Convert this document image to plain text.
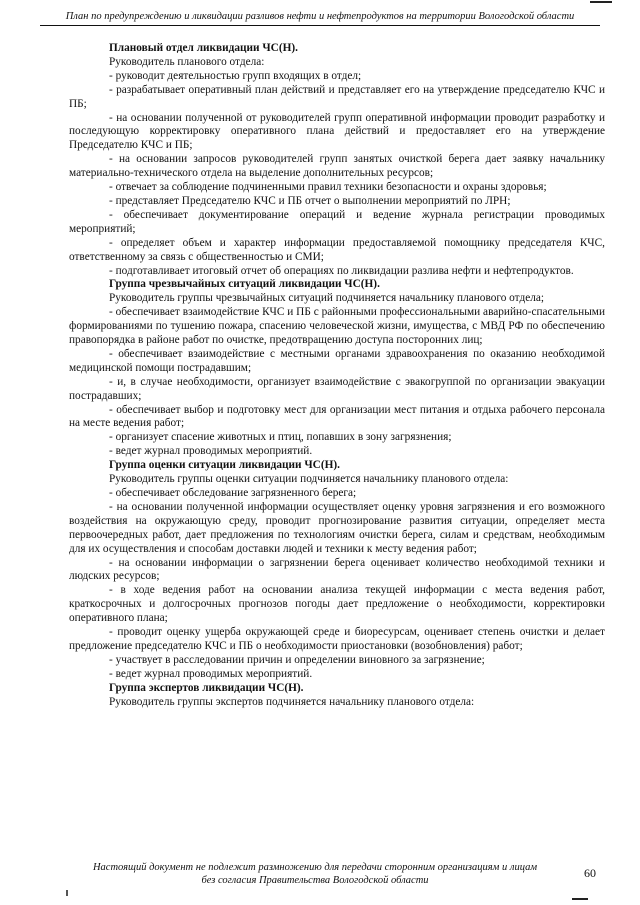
План по предупреждению и ликвидации разливов нефти и нефтепродуктов на территории Вологодской области

Плановый отдел ликвидации ЧС(Н).

Руководитель планового отдела:

- руководит деятельностью групп входящих в отдел;

- разрабатывает оперативный план действий и представляет его на утверждение председателю КЧС и ПБ;

- на основании полученной от руководителей групп оперативной информации проводит разработку и последующую корректировку оперативного плана действий и предоставляет его на утверждение Председателю КЧС и ПБ;

- на основании запросов руководителей групп занятых очисткой берега дает заявку начальнику материально-технического отдела на выделение дополнительных ресурсов;

- отвечает за соблюдение подчиненными правил техники безопасности и охраны здоровья;

- представляет Председателю КЧС и ПБ отчет о выполнении мероприятий по ЛРН;

- обеспечивает документирование операций и ведение журнала регистрации проводимых мероприятий;

- определяет объем и характер информации предоставляемой помощнику председателя КЧС, ответственному за связь с общественностью и СМИ;

- подготавливает итоговый отчет об операциях по ликвидации разлива нефти и нефтепродуктов.

Группа чрезвычайных ситуаций ликвидации ЧС(Н).

Руководитель группы чрезвычайных ситуаций подчиняется начальнику планового отдела;

- обеспечивает взаимодействие КЧС и ПБ с районными профессиональными аварийно-спасательными формированиями по тушению пожара, спасению человеческой жизни, имущества, с МВД РФ по обеспечению правопорядка в районе работ по очистке, предотвращению доступа посторонних лиц;

- обеспечивает взаимодействие с местными органами здравоохранения по оказанию необходимой медицинской помощи пострадавшим;

- и, в случае необходимости, организует взаимодействие с эвакогруппой по организации эвакуации пострадавших;

- обеспечивает выбор и подготовку мест для организации мест питания и отдыха рабочего персонала на месте ведения работ;

- организует спасение животных и птиц, попавших в зону загрязнения;

- ведет журнал проводимых мероприятий.

Группа оценки ситуации ликвидации ЧС(Н).

Руководитель группы оценки ситуации подчиняется начальнику планового отдела:

- обеспечивает обследование загрязненного берега;

- на основании полученной информации осуществляет оценку уровня загрязнения и его возможного воздействия на окружающую среду, проводит прогнозирование развития ситуации, определяет места первоочередных работ, дает предложения по технологиям очистки берега, силам и средствам, необходимым для их осуществления и способам доставки людей и техники к месту ведения работ;

- на основании информации о загрязнении берега оценивает количество необходимой техники и людских ресурсов;

- в ходе ведения работ на основании анализа текущей информации с места ведения работ, краткосрочных и долгосрочных прогнозов погоды дает предложение о необходимости, корректировки оперативного плана;

- проводит оценку ущерба окружающей среде и биоресурсам, оценивает степень очистки и делает предложение председателю КЧС и ПБ о необходимости приостановки (возобновления) работ;

- участвует в расследовании причин и определении виновного за загрязнение;

- ведет журнал проводимых мероприятий.

Группа экспертов ликвидации ЧС(Н).

Руководитель группы экспертов подчиняется начальнику планового отдела:

Настоящий документ не подлежит размножению для передачи сторонним организациям и лицам
без согласия Правительства Вологодской области
60
